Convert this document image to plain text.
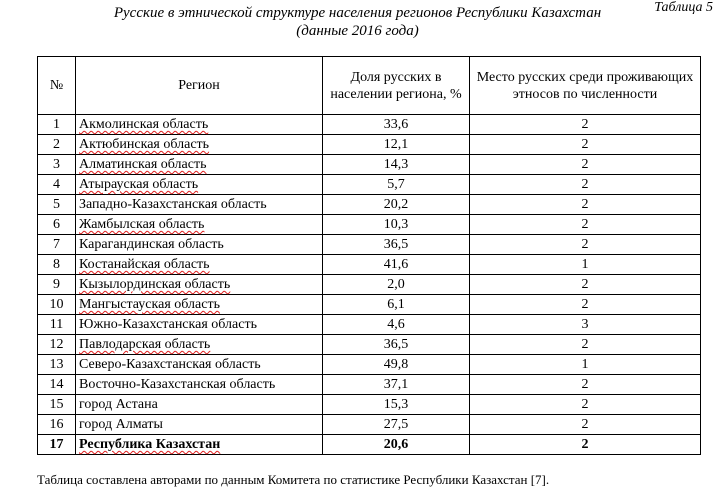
Таблица 5
Русские в этнической структуре населения регионов Республики Казахстан
(данные 2016 года)
№	Регион	Доля русских в населении региона, %	Место русских среди проживающих этносов по численности
1	Акмолинская область	33,6	2
2	Актюбинская область	12,1	2
3	Алматинская область	14,3	2
4	Атырауская область	5,7	2
5	Западно-Казахстанская область	20,2	2
6	Жамбылская область	10,3	2
7	Карагандинская область	36,5	2
8	Костанайская область	41,6	1
9	Кызылординская область	2,0	2
10	Мангыстауская область	6,1	2
11	Южно-Казахстанская область	4,6	3
12	Павлодарская область	36,5	2
13	Северо-Казахстанская область	49,8	1
14	Восточно-Казахстанская область	37,1	2
15	город Астана	15,3	2
16	город Алматы	27,5	2
17	Республика Казахстан	20,6	2
Таблица составлена авторами по данным Комитета по статистике Республики Казахстан [7].
